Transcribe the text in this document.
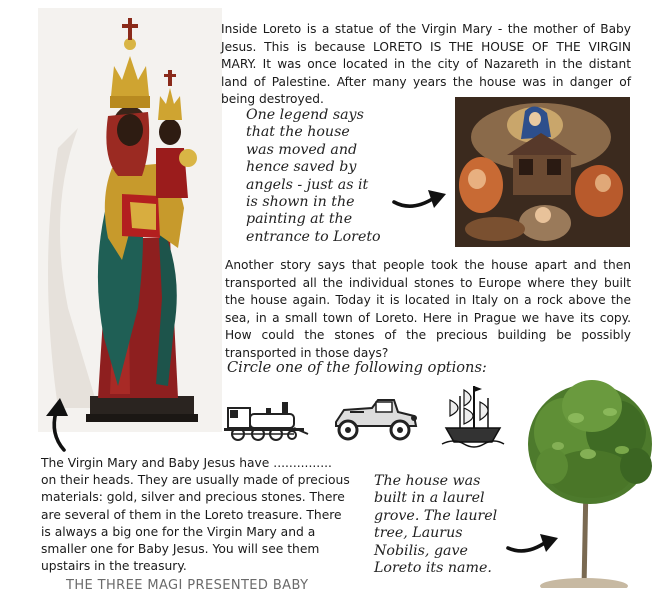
Inside Loreto is a statue of the Virgin Mary - the mother of Baby Jesus. This is because LORETO IS THE HOUSE OF THE VIRGIN MARY. It was once located in the city of Nazareth in the distant land of Palestine. After many years the house was in danger of being destroyed.

One legend says
that the house
was moved and
hence saved by
angels - just as it
is shown in the
painting at the
entrance to Loreto

Another story says that people took the house apart and then transported all the individual stones to Europe where they built the house again. Today it is located in Italy on a rock above the sea, in a small town of Loreto. Here in Prague we have its copy. How could the stones of the precious building be possibly transported in those days?

Circle one of the following options:

The Virgin Mary and Baby Jesus have ............... on their heads. They are usually made of precious materials: gold, silver and precious stones. There are several of them in the Loreto treasure. There is always a big one for the Virgin Mary and a smaller one for Baby Jesus. You will see them upstairs in the treasury.

The house was
built in a laurel
grove. The laurel
tree, Laurus
Nobilis, gave
Loreto its name.
THE THREE MAGI PRESENTED BABY
